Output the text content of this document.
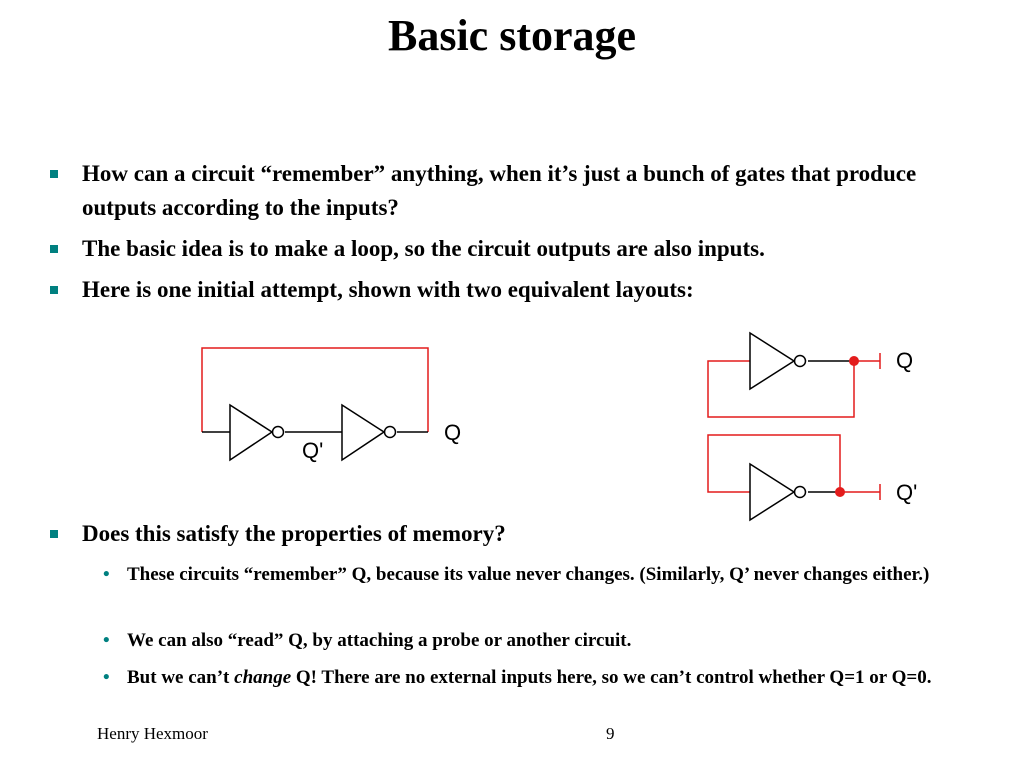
Basic storage
How can a circuit “remember” anything, when it’s just a bunch of gates that produce outputs according to the inputs?
The basic idea is to make a loop, so the circuit outputs are also inputs.
Here is one initial attempt, shown with two equivalent layouts:
Q'
Q
Q
Q'
Does this satisfy the properties of memory?
• These circuits “remember” Q, because its value never changes. (Similarly, Q’ never changes either.)
• We can also “read” Q, by attaching a probe or another circuit.
• But we can’t change Q! There are no external inputs here, so we can’t control whether Q=1 or Q=0.
Henry Hexmoor	9
